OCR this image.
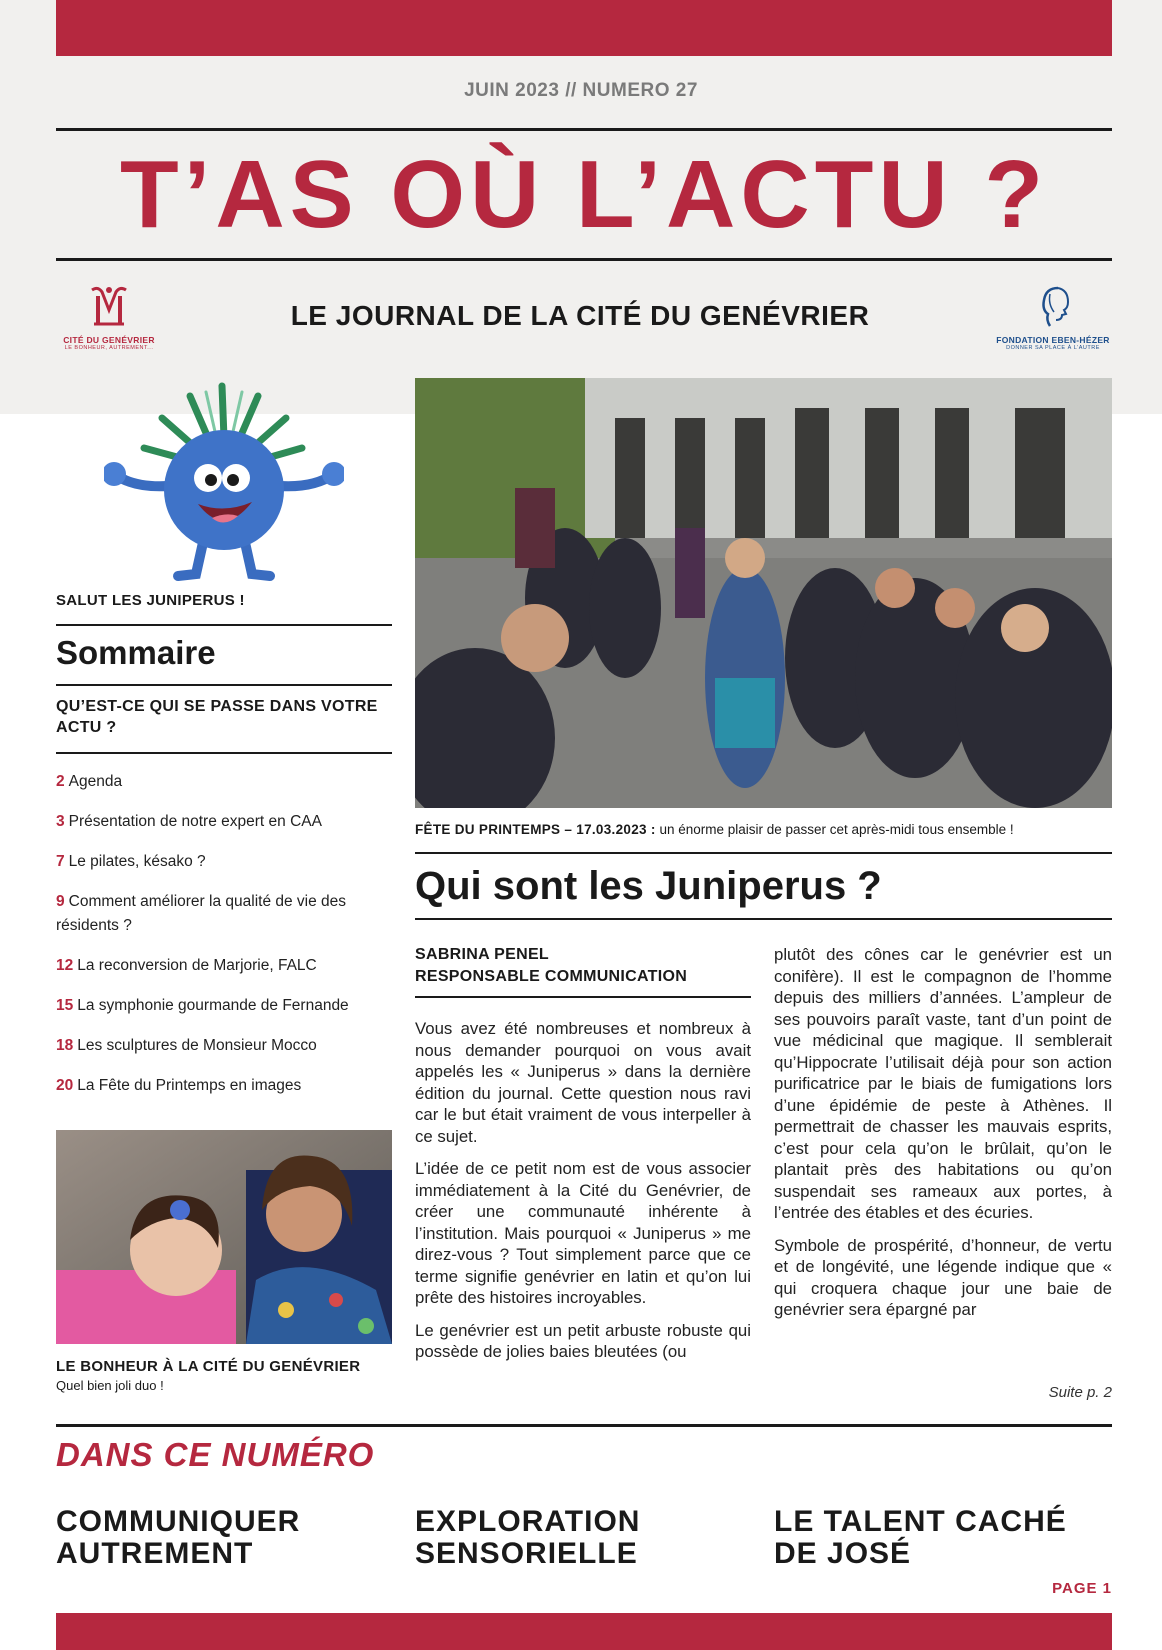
JUIN 2023 // NUMERO 27
T’AS OÙ L’ACTU ?
CITÉ DU GENÉVRIER
LE BONHEUR, AUTREMENT...
LE JOURNAL DE LA CITÉ DU GENÉVRIER
FONDATION EBEN-HÉZER
DONNER SA PLACE À L’AUTRE
SALUT LES JUNIPERUS !
Sommaire
QU’EST-CE QUI SE PASSE DANS VOTRE ACTU ?
2 Agenda
3 Présentation de notre expert en CAA
7 Le pilates, késako ?
9 Comment améliorer la qualité de vie des résidents ?
12 La reconversion de Marjorie, FALC
15 La symphonie gourmande de Fernande
18 Les sculptures de Monsieur Mocco
20 La Fête du Printemps en images
LE BONHEUR À LA CITÉ DU GENÉVRIER
Quel bien joli duo !
FÊTE DU PRINTEMPS – 17.03.2023 : un énorme plaisir de passer cet après-midi tous ensemble !
Qui sont les Juniperus ?
SABRINA PENEL
RESPONSABLE COMMUNICATION

Vous avez été nombreuses et nombreux à nous demander pourquoi on vous avait appelés les « Juniperus » dans la dernière édition du journal. Cette question nous ravi car le but était vraiment de vous interpeller à ce sujet.

L’idée de ce petit nom est de vous associer immédiatement à la Cité du Genévrier, de créer une communauté inhérente à l’institution. Mais pourquoi « Juniperus » me direz-vous ? Tout simplement parce que ce terme signifie genévrier en latin et qu’on lui prête des histoires incroyables.

Le genévrier est un petit arbuste robuste qui possède de jolies baies bleutées (ou

plutôt des cônes car le genévrier est un conifère). Il est le compagnon de l’homme depuis des milliers d’années. L’ampleur de ses pouvoirs paraît vaste, tant d’un point de vue médicinal que magique. Il semblerait qu’Hippocrate l’utilisait déjà pour son action purificatrice par le biais de fumigations lors d’une épidémie de peste à Athènes. Il permettrait de chasser les mauvais esprits, c’est pour cela qu’on le brûlait, qu’on le plantait près des habitations ou qu’on suspendait ses rameaux aux portes, à l’entrée des étables et des écuries.

Symbole de prospérité, d’honneur, de vertu et de longévité, une légende indique que « qui croquera chaque jour une baie de genévrier sera épargné par

Suite p. 2
DANS CE NUMÉRO
COMMUNIQUER
AUTREMENT
EXPLORATION
SENSORIELLE
LE TALENT CACHÉ
DE JOSÉ
PAGE 1
